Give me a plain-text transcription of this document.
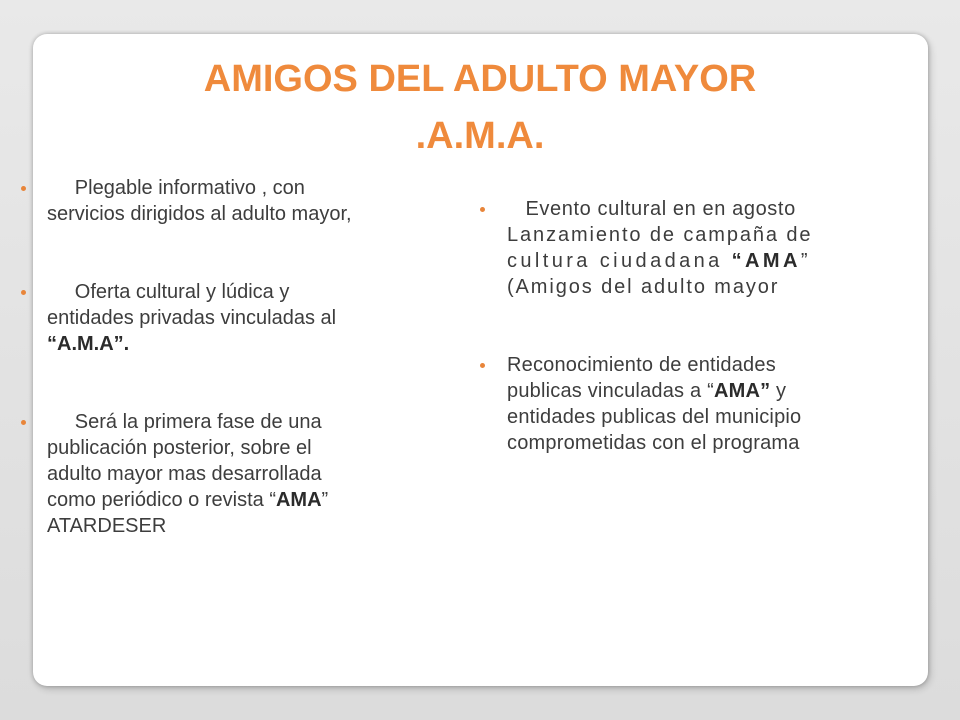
AMIGOS DEL ADULTO MAYOR
.A.M.A.
Plegable informativo , con
servicios dirigidos al adulto mayor,
Oferta cultural y lúdica y
entidades privadas vinculadas al
“A.M.A”.
Será la primera fase de una
publicación posterior, sobre el
adulto mayor mas desarrollada
como periódico o revista “AMA”
ATARDESER
Evento cultural en en agosto
Lanzamiento de campaña de
cultura ciudadana “AMA”
(Amigos del adulto mayor
Reconocimiento de entidades
publicas vinculadas a “AMA” y
entidades publicas del municipio
comprometidas con el programa
